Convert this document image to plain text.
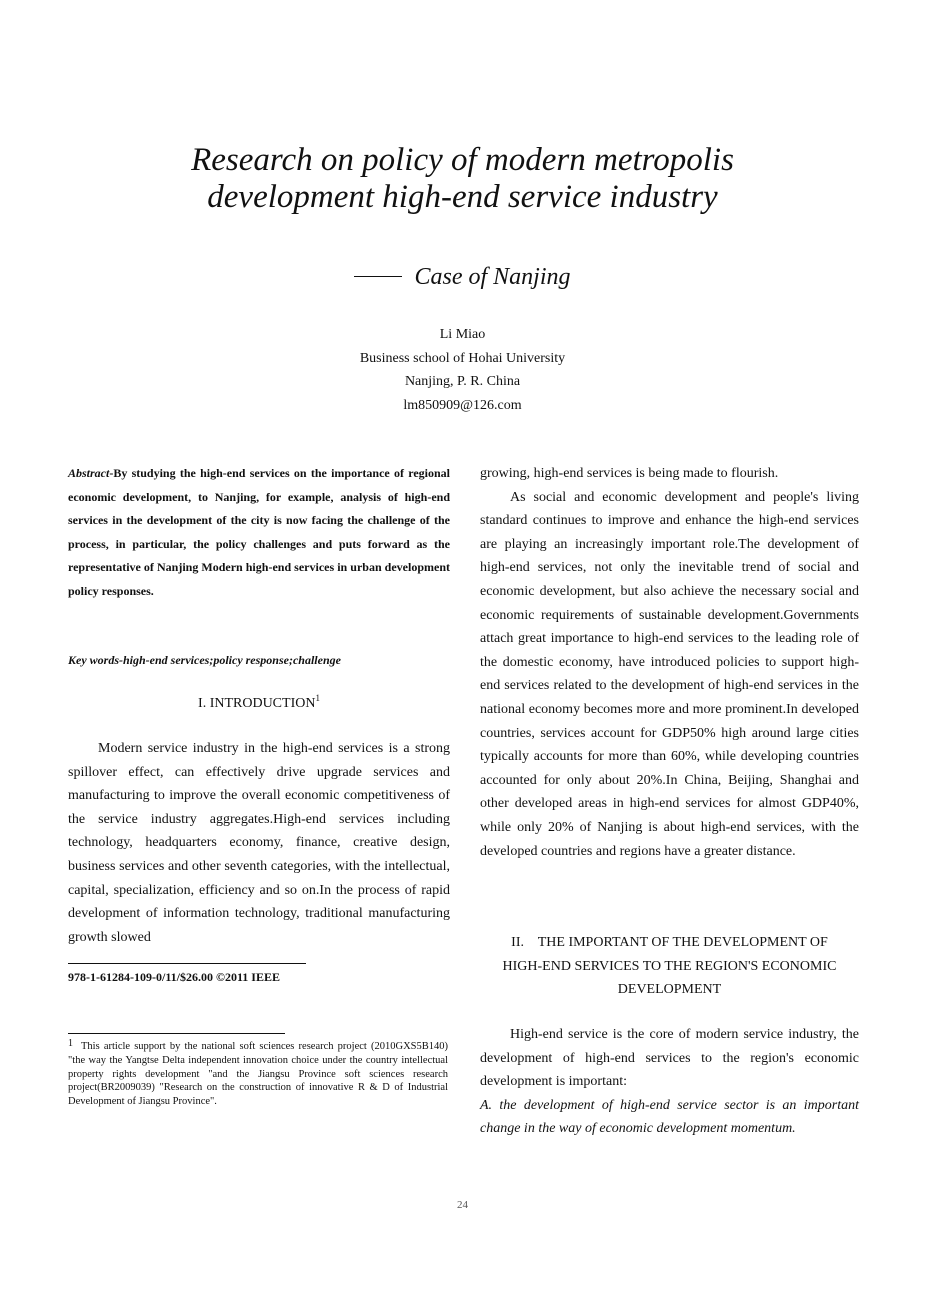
Research on policy of modern metropolis
development high-end service industry
Case of Nanjing
Li Miao
Business school of Hohai University
Nanjing, P. R. China
lm850909@126.com
Abstract-By studying the high-end services on the importance of regional economic development, to Nanjing, for example, analysis of high-end services in the development of the city is now facing the challenge of the process, in particular, the policy challenges and puts forward as the representative of Nanjing Modern high-end services in urban development policy responses.
Key words-high-end services;policy response;challenge
I. INTRODUCTION$^1$

Modern service industry in the high-end services is a strong spillover effect, can effectively drive upgrade services and manufacturing to improve the overall economic competitiveness of the service industry aggregates.High-end services including technology, headquarters economy, finance, creative design, business services and other seventh categories, with the intellectual, capital, specialization, efficiency and so on.In the process of rapid development of information technology, traditional manufacturing growth slowed

978-1-61284-109-0/11/$26.00 ©2011 IEEE
$^1$ This article support by the national soft sciences research project (2010GXS5B140) "the way the Yangtse Delta independent innovation choice under the country intellectual property rights development "and the Jiangsu Province soft sciences research project(BR2009039) "Research on the construction of innovative R & D of Industrial Development of Jiangsu Province".

growing, high-end services is being made to flourish.

As social and economic development and people's living standard continues to improve and enhance the high-end services are playing an increasingly important role.The development of high-end services, not only the inevitable trend of social and economic development, but also achieve the necessary social and economic requirements of sustainable development.Governments attach great importance to high-end services to the leading role of the domestic economy, have introduced policies to support high-end services related to the development of high-end services in the national economy becomes more and more prominent.In developed countries, services account for GDP50% high around large cities typically accounts for more than 60%, while developing countries accounted for only about 20%.In China, Beijing, Shanghai and other developed areas in high-end services for almost GDP40%, while only 20% of Nanjing is about high-end services, with the developed countries and regions have a greater distance.

II.    THE IMPORTANT OF THE DEVELOPMENT OF
HIGH-END SERVICES TO THE REGION'S ECONOMIC
DEVELOPMENT

High-end service is the core of modern service industry, the development of high-end services to the region's economic development is important:

A. the development of high-end service sector is an important change in the way of economic development momentum.

24
